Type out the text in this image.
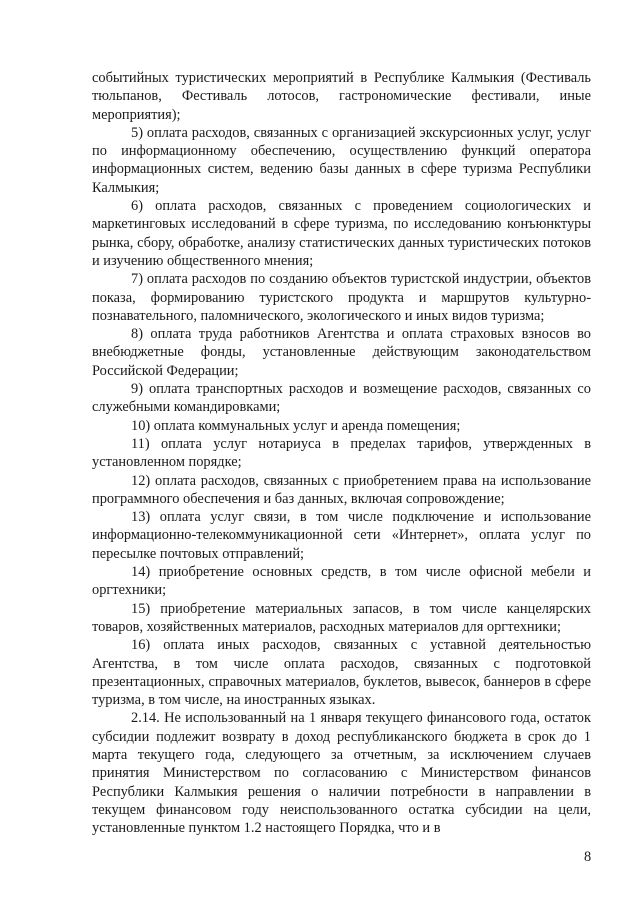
событийных туристических мероприятий в Республике Калмыкия (Фестиваль тюльпанов, Фестиваль лотосов, гастрономические фестивали, иные мероприятия);

5) оплата расходов, связанных с организацией экскурсионных услуг, услуг по информационному обеспечению, осуществлению функций оператора информационных систем, ведению базы данных в сфере туризма Республики Калмыкия;

6) оплата расходов, связанных с проведением социологических и маркетинговых исследований в сфере туризма, по исследованию конъюнктуры рынка, сбору, обработке, анализу статистических данных туристических потоков и изучению общественного мнения;

7) оплата расходов по созданию объектов туристской индустрии, объектов показа, формированию туристского продукта и маршрутов культурно-познавательного, паломнического, экологического и иных видов туризма;

8) оплата труда работников Агентства и оплата страховых взносов во внебюджетные фонды, установленные действующим законодательством Российской Федерации;

9) оплата транспортных расходов и возмещение расходов, связанных со служебными командировками;

10) оплата коммунальных услуг и аренда помещения;

11) оплата услуг нотариуса в пределах тарифов, утвержденных в установленном порядке;

12) оплата расходов, связанных с приобретением права на использование программного обеспечения и баз данных, включая сопровождение;

13) оплата услуг связи, в том числе подключение и использование информационно-телекоммуникационной сети «Интернет», оплата услуг по пересылке почтовых отправлений;

14) приобретение основных средств, в том числе офисной мебели и оргтехники;

15) приобретение материальных запасов, в том числе канцелярских товаров, хозяйственных материалов, расходных материалов для оргтехники;

16) оплата иных расходов, связанных с уставной деятельностью Агентства, в том числе оплата расходов, связанных с подготовкой презентационных, справочных материалов, буклетов, вывесок, баннеров в сфере туризма, в том числе, на иностранных языках.

2.14. Не использованный на 1 января текущего финансового года, остаток субсидии подлежит возврату в доход республиканского бюджета в срок до 1 марта текущего года, следующего за отчетным, за исключением случаев принятия Министерством по согласованию с Министерством финансов Республики Калмыкия решения о наличии потребности в направлении в текущем финансовом году неиспользованного остатка субсидии на цели, установленные пунктом 1.2 настоящего Порядка, что и в

8
